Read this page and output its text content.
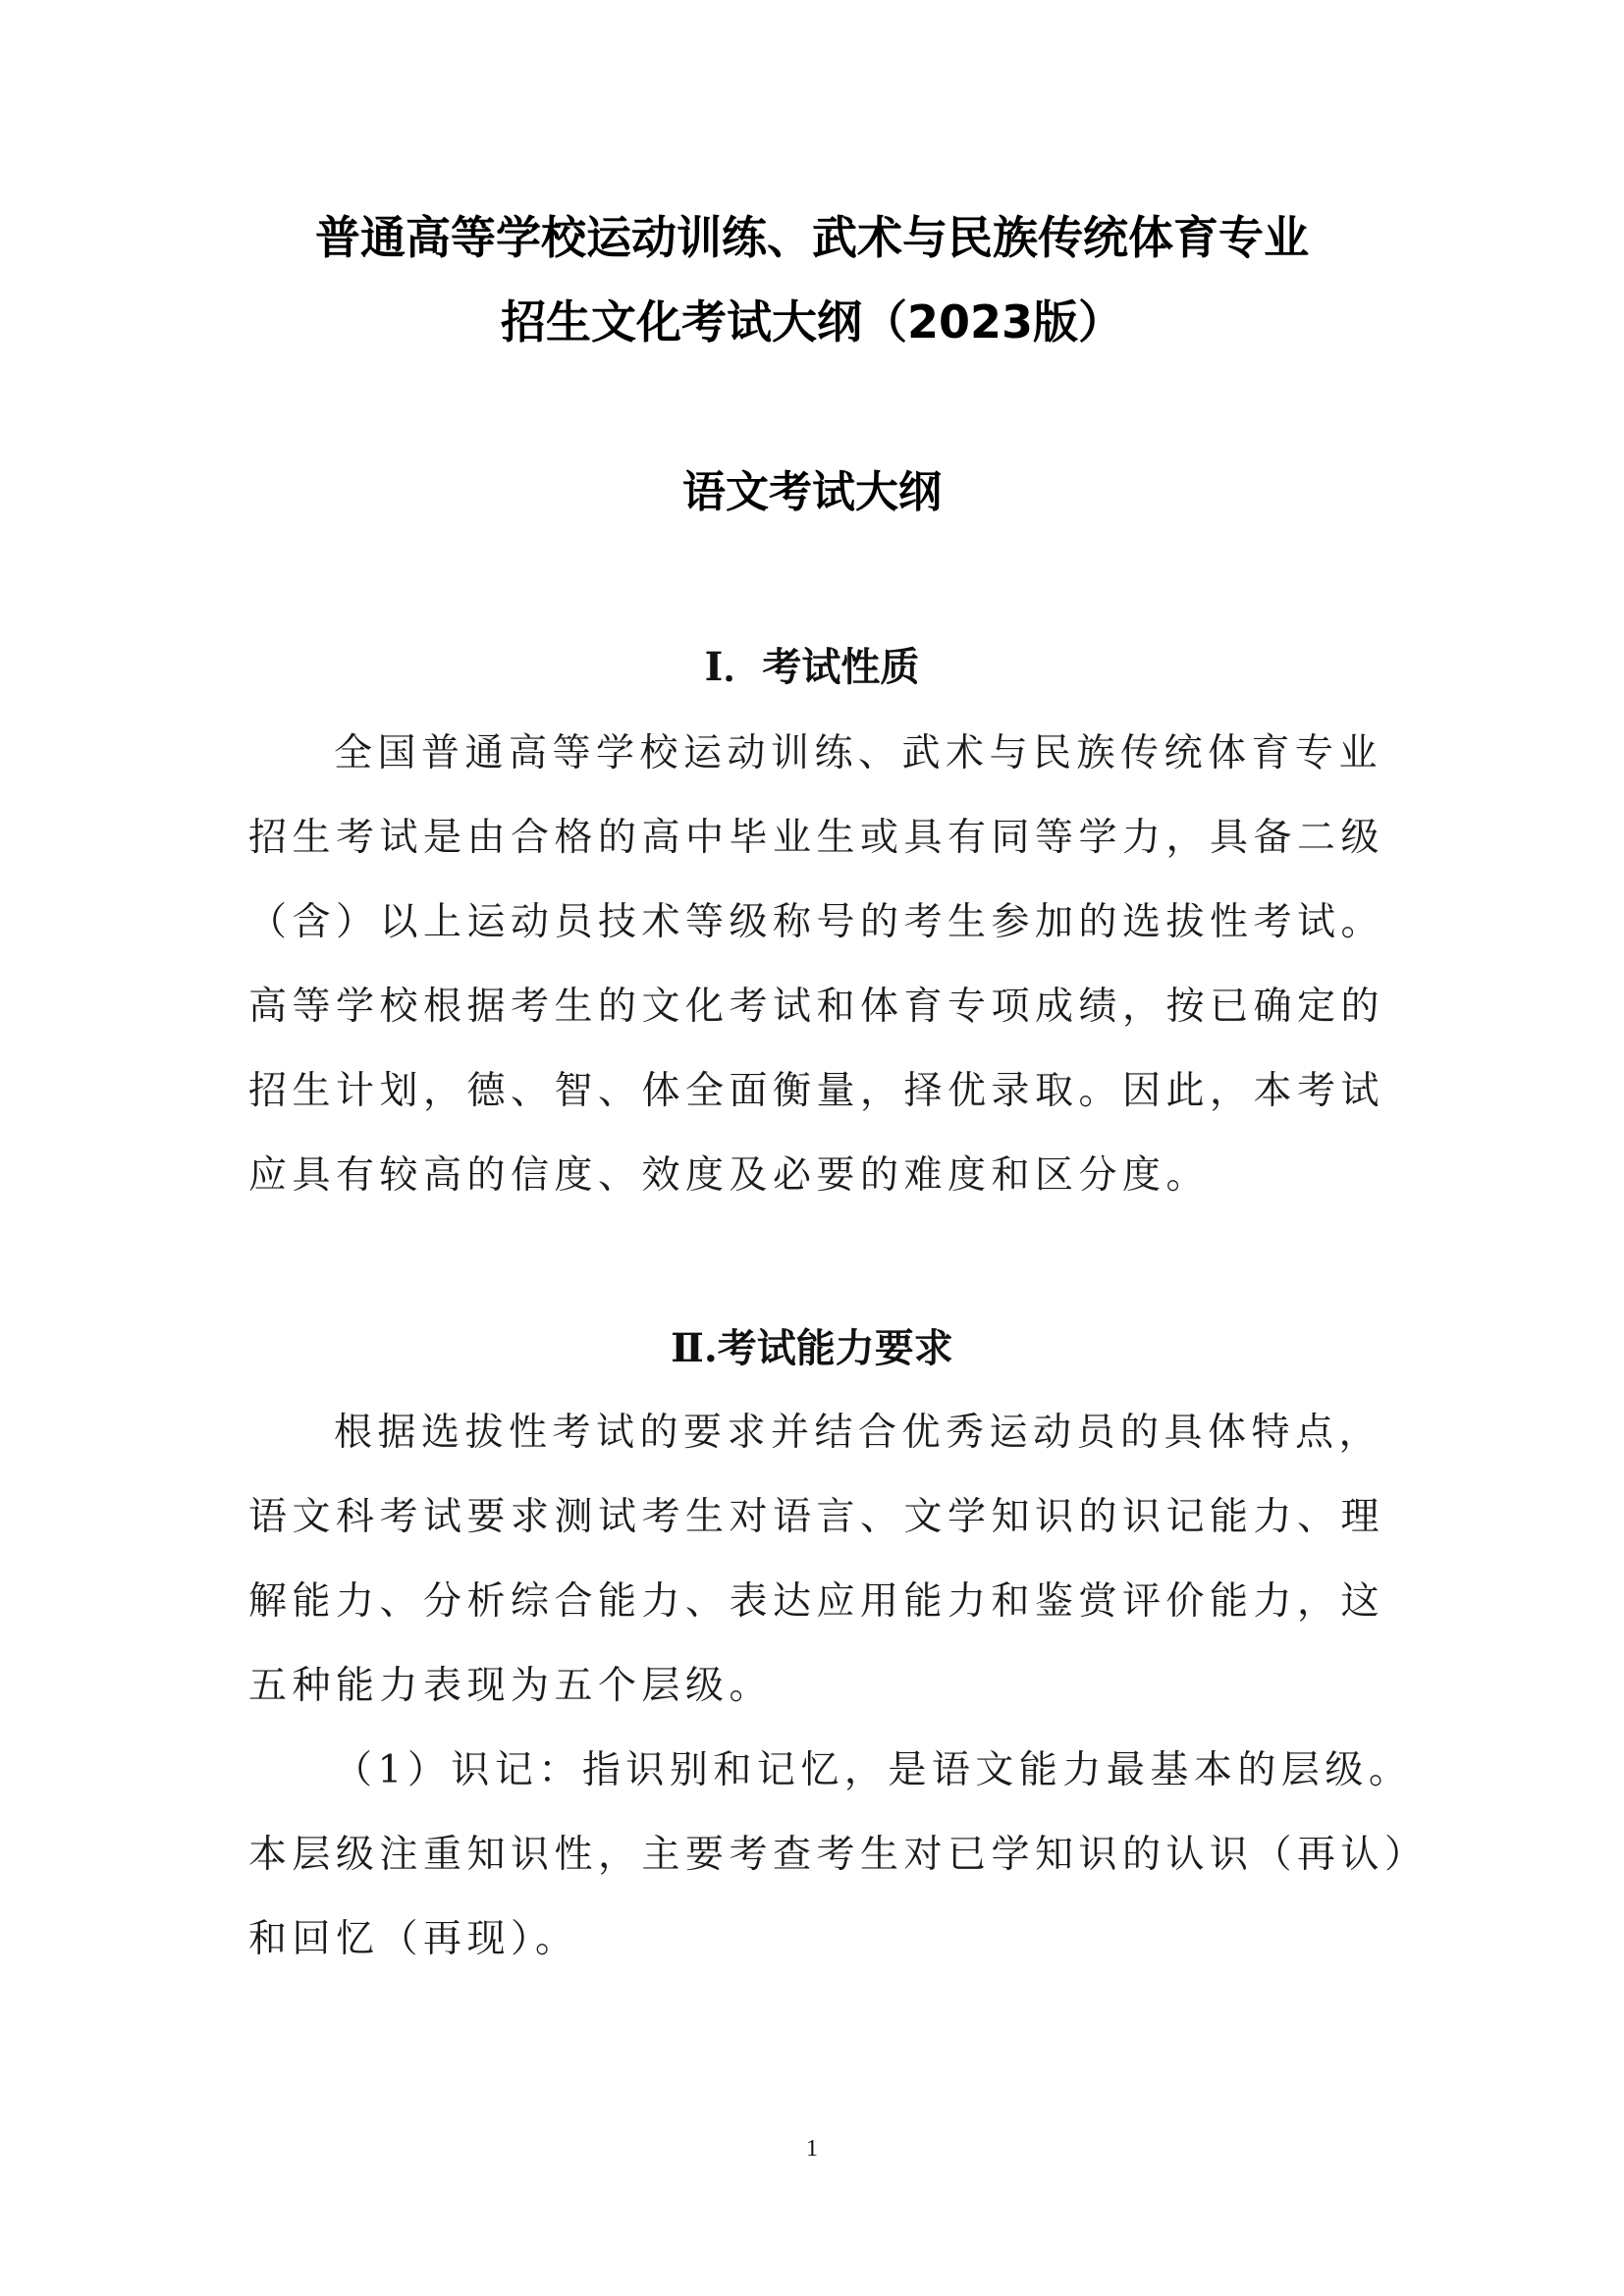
普通高等学校运动训练、武术与民族传统体育专业
招生文化考试大纲（2023版）
语文考试大纲
Ⅰ．考试性质
全国普通高等学校运动训练、武术与民族传统体育专业
招生考试是由合格的高中毕业生或具有同等学力，具备二级
（含）以上运动员技术等级称号的考生参加的选拔性考试。
高等学校根据考生的文化考试和体育专项成绩，按已确定的
招生计划，德、智、体全面衡量，择优录取。因此，本考试
应具有较高的信度、效度及必要的难度和区分度。
Ⅱ.考试能力要求
根据选拔性考试的要求并结合优秀运动员的具体特点，
语文科考试要求测试考生对语言、文学知识的识记能力、理
解能力、分析综合能力、表达应用能力和鉴赏评价能力，这
五种能力表现为五个层级。
（1）识记：指识别和记忆，是语文能力最基本的层级。
本层级注重知识性，主要考查考生对已学知识的认识（再认）
和回忆（再现）。
1
